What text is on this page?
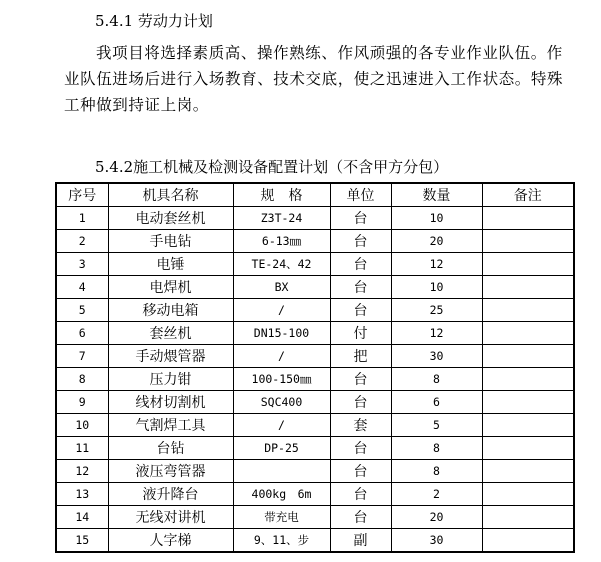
5.4.1 劳动力计划
我项目将选择素质高、操作熟练、作风顽强的各专业作业队伍。作业队伍进场后进行入场教育、技术交底，使之迅速进入工作状态。特殊工种做到持证上岗。
5.4.2施工机械及检测设备配置计划（不含甲方分包）
序号	机具名称	规　格	单位	数量	备注
1	电动套丝机	Z3T-24	台	10	
2	手电钻	6-13㎜	台	20	
3	电锤	TE-24、42	台	12	
4	电焊机	BX	台	10	
5	移动电箱	/	台	25	
6	套丝机	DN15-100	付	12	
7	手动煨管器	/	把	30	
8	压力钳	100-150㎜	台	8	
9	线材切割机	SQC400	台	6	
10	气割焊工具	/	套	5	
11	台钻	DP-25	台	8	
12	液压弯管器		台	8	
13	液升降台	400kg　6m	台	2	
14	无线对讲机	带充电	台	20	
15	人字梯	9、11、步	副	30	
